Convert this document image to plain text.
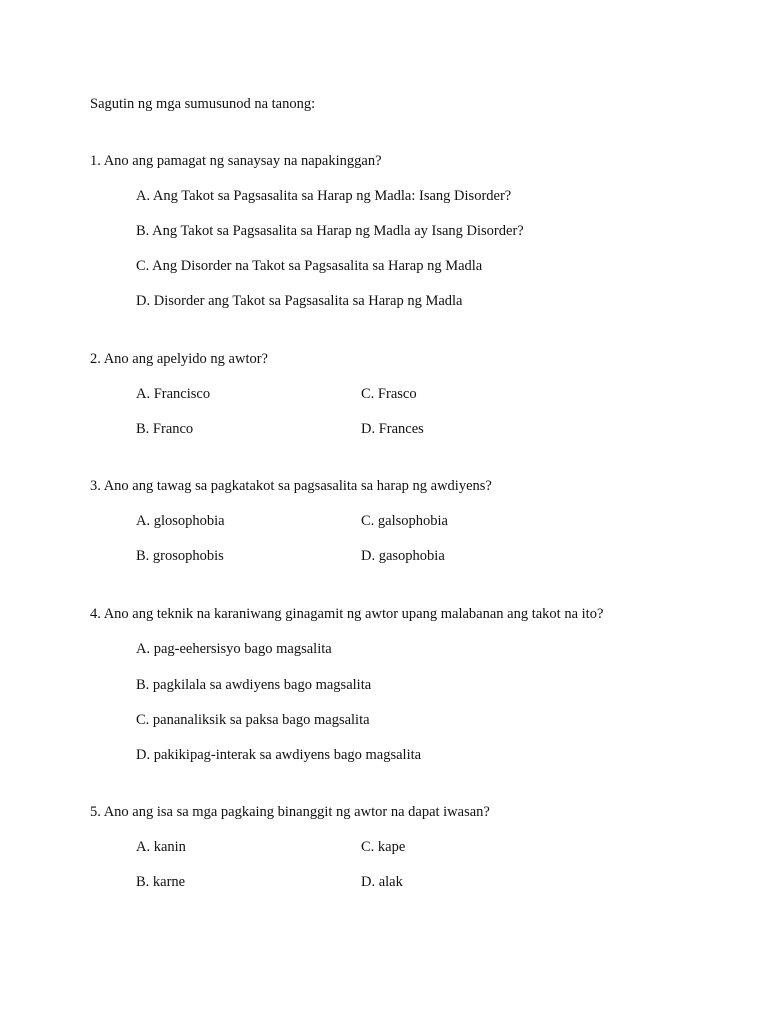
Sagutin ng mga sumusunod na tanong:
1. Ano ang pamagat ng sanaysay na napakinggan?
A. Ang Takot sa Pagsasalita sa Harap ng Madla: Isang Disorder?
B. Ang Takot sa Pagsasalita sa Harap ng Madla ay Isang Disorder?
C. Ang Disorder na Takot sa Pagsasalita sa Harap ng Madla
D. Disorder ang Takot sa Pagsasalita sa Harap ng Madla
2. Ano ang apelyido ng awtor?
A. Francisco	C. Frasco
B. Franco	D. Frances
3. Ano ang tawag sa pagkatakot sa pagsasalita sa harap ng awdiyens?
A. glosophobia	C. galsophobia
B. grosophobis	D. gasophobia
4. Ano ang teknik na karaniwang ginagamit ng awtor upang malabanan ang takot na ito?
A. pag-eehersisyo bago magsalita
B. pagkilala sa awdiyens bago magsalita
C. pananaliksik sa paksa bago magsalita
D. pakikipag-interak sa awdiyens bago magsalita
5. Ano ang isa sa mga pagkaing binanggit ng awtor na dapat iwasan?
A. kanin	C. kape
B. karne	D. alak
